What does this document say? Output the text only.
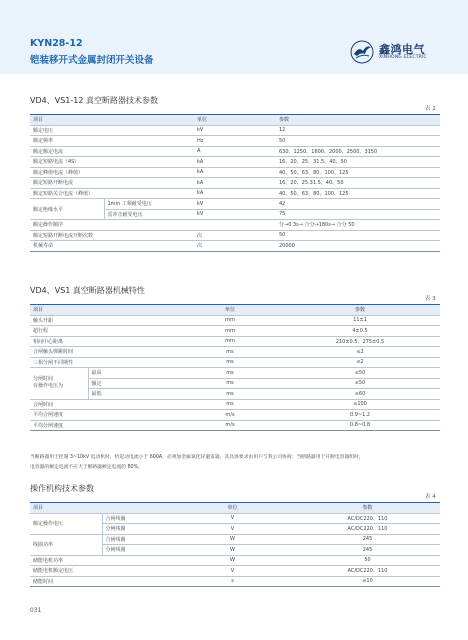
KYN28-12
铠装移开式金属封闭开关设备
鑫鸿电气
XINHONG ELECTRIC
VD4、VS1-12 真空断路器技术参数
表 2
项目		单位	参数
额定电压		kV	12
额定频率		Hz	50
额定额定电流		A	630、1250、1600、2000、2500、3150
额定短路电流（4S）		kA	16、20、25、31.5、40、50
额定峰值电流（峰值）		kA	40、50、63、80、100、125
额定短路开断电流		kA	16、20、25.31.5、40、50
额定短路关合电流（峰值）		kA	40、50、63、80、100、125
额定绝缘水平	1min 工频耐受电压	kV	42
	雷冲击耐受电压	kV	75
额定操作顺序			分→0.3s→ 合分→180s→ 合分 50
额定短路开断电流开断次数		次	50
机械寿命		次	20000
VD4、VS1 真空断路器机械特性
表 3
项目		单位	参数
触头开距		mm	11±1
超行程		mm	4±0.5
相间中心距离		mm	210±0.5、275±0.5
合闸触头弹跳时间		ms	≤2
三相分闸不同期性		ms	≤2

分闸时间
有操作电压为	最高	ms	≤50
	额定	ms	≤50
	最低	ms	≤60
合闸时间		ms	≤100
平均合闸速度		m/s	0.9~1.2
平均分闸速度		m/s	0.8~0.8
当断路器用于控制 3~10kV 电动机时，机起动电流小于 600A，必须加金属氧化锌避雷器，其具体要求由用户与我公司协商；当断路器用于开断电容器组时，
电容器的额定电流不应大于断路器额定电流的 80%。
操作机构技术参数
表 4
项目		单位	参数
额定操作电压	合闸线圈	V	AC/DC220、110
	分闸线圈	V	AC/DC220、110
线圈功率	合闸线圈	W	245
	分闸线圈	W	245
储能电机功率		W	50
储能电机额定电压		V	AC/DC220、110
储能时间		s	≤10
031
